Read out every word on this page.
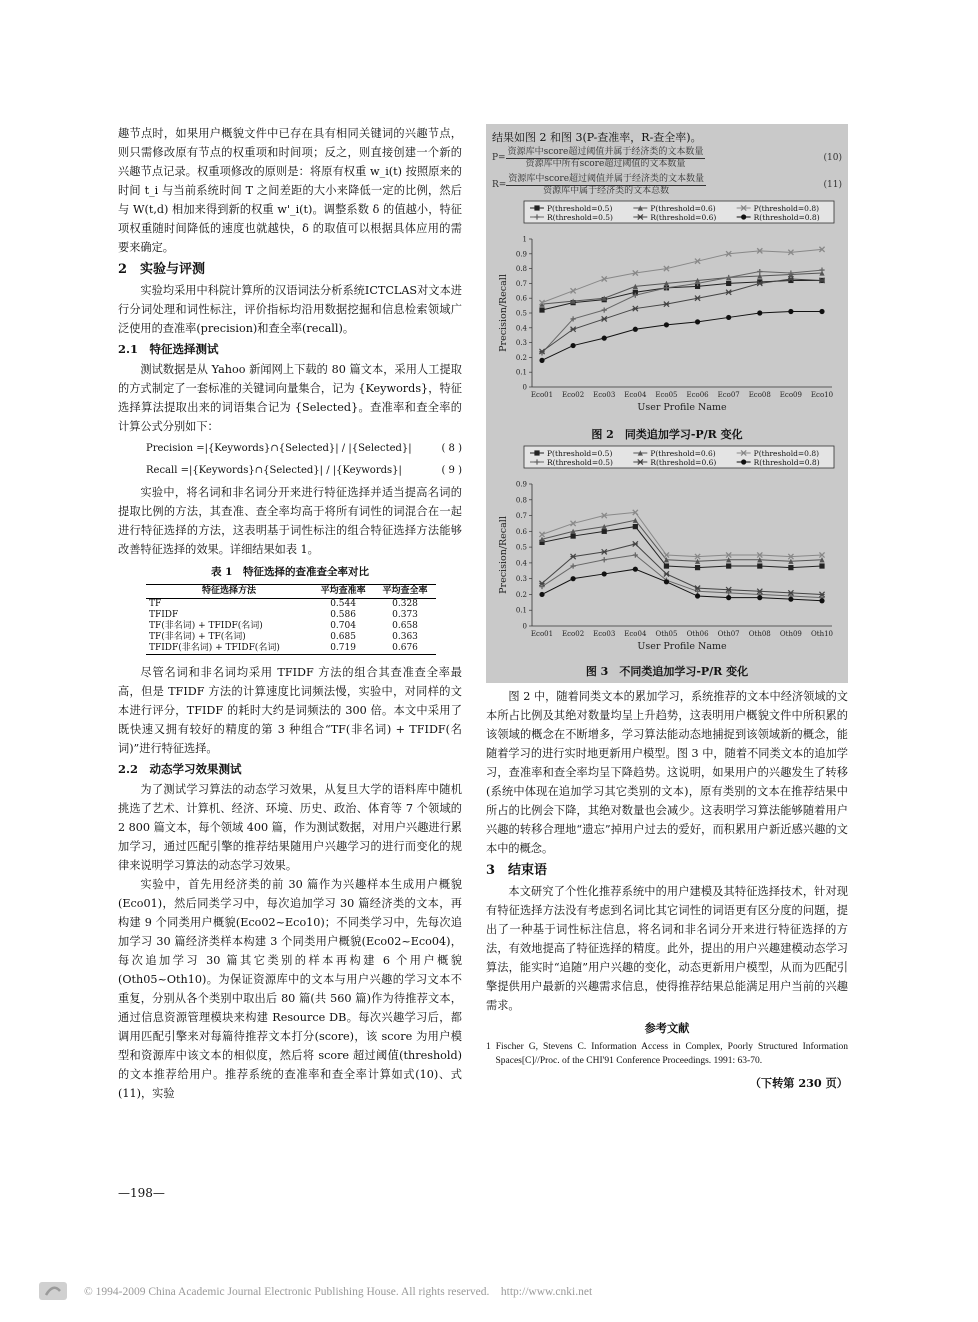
趣节点时，如果用户概貌文件中已存在具有相同关键词的兴趣节点，则只需修改原有节点的权重项和时间项；反之，则直接创建一个新的兴趣节点记录。权重项修改的原则是：将原有权重 w_i(t) 按照原来的时间 t_i 与当前系统时间 T 之间差距的大小来降低一定的比例，然后与 W(t,d) 相加来得到新的权重 w'_i(t)。调整系数 δ 的值越小，特征项权重随时间降低的速度也就越快，δ 的取值可以根据具体应用的需要来确定。

2　实验与评测

实验均采用中科院计算所的汉语词法分析系统ICTCLAS对文本进行分词处理和词性标注，评价指标均沿用数据挖掘和信息检索领域广泛使用的查准率(precision)和查全率(recall)。

2.1　特征选择测试

测试数据是从 Yahoo 新闻网上下载的 80 篇文本，采用人工提取的方式制定了一套标准的关键词向量集合，记为 {Keywords}，特征选择算法提取出来的词语集合记为 {Selected}。查准率和查全率的计算公式分别如下：

Precision =|{Keywords}∩{Selected}| / |{Selected}|	( 8 )
Recall =|{Keywords}∩{Selected}| / |{Keywords}|	( 9 )

实验中，将名词和非名词分开来进行特征选择并适当提高名词的提取比例的方法，其查准、查全率均高于将所有词性的词混合在一起进行特征选择的方法，这表明基于词性标注的组合特征选择方法能够改善特征选择的效果。详细结果如表 1。

表 1　特征选择的查准查全率对比

特征选择方法	平均查准率	平均查全率
TF	0.544	0.328
TFIDF	0.586	0.373
TF(非名词) + TFIDF(名词)	0.704	0.658
TF(非名词) + TF(名词)	0.685	0.363
TFIDF(非名词) + TFIDF(名词)	0.719	0.676

尽管名词和非名词均采用 TFIDF 方法的组合其查准查全率最高，但是 TFIDF 方法的计算速度比词频法慢，实验中，对同样的文本进行评分，TFIDF 的耗时大约是词频法的 300 倍。本文中采用了既快速又拥有较好的精度的第 3 种组合“TF(非名词) + TFIDF(名词)”进行特征选择。

2.2　动态学习效果测试

为了测试学习算法的动态学习效果，从复旦大学的语料库中随机挑选了艺术、计算机、经济、环境、历史、政治、体育等 7 个领域的 2 800 篇文本，每个领域 400 篇，作为测试数据，对用户兴趣进行累加学习，通过匹配引擎的推荐结果随用户兴趣学习的进行而变化的规律来说明学习算法的动态学习效果。

实验中，首先用经济类的前 30 篇作为兴趣样本生成用户概貌(Eco01)，然后同类学习中，每次追加学习 30 篇经济类的文本，再构建 9 个同类用户概貌(Eco02~Eco10)；不同类学习中，先每次追加学习 30 篇经济类样本构建 3 个同类用户概貌(Eco02~Eco04)，每次追加学习 30 篇其它类别的样本再构建 6 个用户概貌(Oth05~Oth10)。为保证资源库中的文本与用户兴趣的学习文本不重复，分别从各个类别中取出后 80 篇(共 560 篇)作为待推荐文本，通过信息资源管理模块来构建 Resource DB。每次兴趣学习后，都调用匹配引擎来对每篇待推荐文本打分(score)，该 score 为用户模型和资源库中该文本的相似度，然后将 score 超过阈值(threshold)的文本推荐给用户。推荐系统的查准率和查全率计算如式(10)、式(11)，实验

结果如图 2 和图 3(P-查准率，R-查全率)。

$P= \frac{\text{资源库中score超过阈值并属于经济类的文本数量}}{\text{资源库中所有score超过阈值的文本数量}}$	(10)
$R= \frac{\text{资源库中score超过阈值并属于经济类的文本数量}}{\text{资源库中属于经济类的文本总数}}$	(11)
P(threshold=0.5)	P(threshold=0.6)	P(threshold=0.8)
R(threshold=0.5)	R(threshold=0.6)	R(threshold=0.8)
0
0.1
0.2
0.3
0.4
0.5
0.6
0.7
0.8
0.9
1
Eco01 Eco02 Eco03 Eco04 Eco05 Eco06 Eco07 Eco08 Eco09 Eco10
User Profile Name
Precision/Recall

图 2　同类追加学习-P/R 变化

P(threshold=0.5)	P(threshold=0.6)	P(threshold=0.8)
R(threshold=0.5)	R(threshold=0.6)	R(threshold=0.8)
0
0.1
0.2
0.3
0.4
0.5
0.6
0.7
0.8
0.9
Eco01 Eco02 Eco03 Eco04 Oth05 Oth06 Oth07 Oth08 Oth09 Oth10
User Profile Name
Precision/Recall

图 3　不同类追加学习-P/R 变化

图 2 中，随着同类文本的累加学习，系统推荐的文本中经济领域的文本所占比例及其绝对数量均呈上升趋势，这表明用户概貌文件中所积累的该领域的概念在不断增多，学习算法能动态地捕捉到该领域新的概念，能随着学习的进行实时地更新用户模型。图 3 中，随着不同类文本的追加学习，查准率和查全率均呈下降趋势。这说明，如果用户的兴趣发生了转移(系统中体现在追加学习其它类别的文本)，原有类别的文本在推荐结果中所占的比例会下降，其绝对数量也会减少。这表明学习算法能够随着用户兴趣的转移合理地“遗忘”掉用户过去的爱好，而积累用户新近感兴趣的文本中的概念。

3　结束语

本文研究了个性化推荐系统中的用户建模及其特征选择技术，针对现有特征选择方法没有考虑到名词比其它词性的词语更有区分度的问题，提出了一种基于词性标注信息，将名词和非名词分开来进行特征选择的方法，有效地提高了特征选择的精度。此外，提出的用户兴趣建模动态学习算法，能实时“追随”用户兴趣的变化，动态更新用户模型，从而为匹配引擎提供用户最新的兴趣需求信息，使得推荐结果总能满足用户当前的兴趣需求。

参考文献

1 Fischer G, Stevens C. Information Access in Complex, Poorly Structured Information Spaces[C]//Proc. of the CHI'91 Conference Proceedings. 1991: 63-70.

（下转第 230 页）

—198—
© 1994-2009 China Academic Journal Electronic Publishing House. All rights reserved.　http://www.cnki.net
